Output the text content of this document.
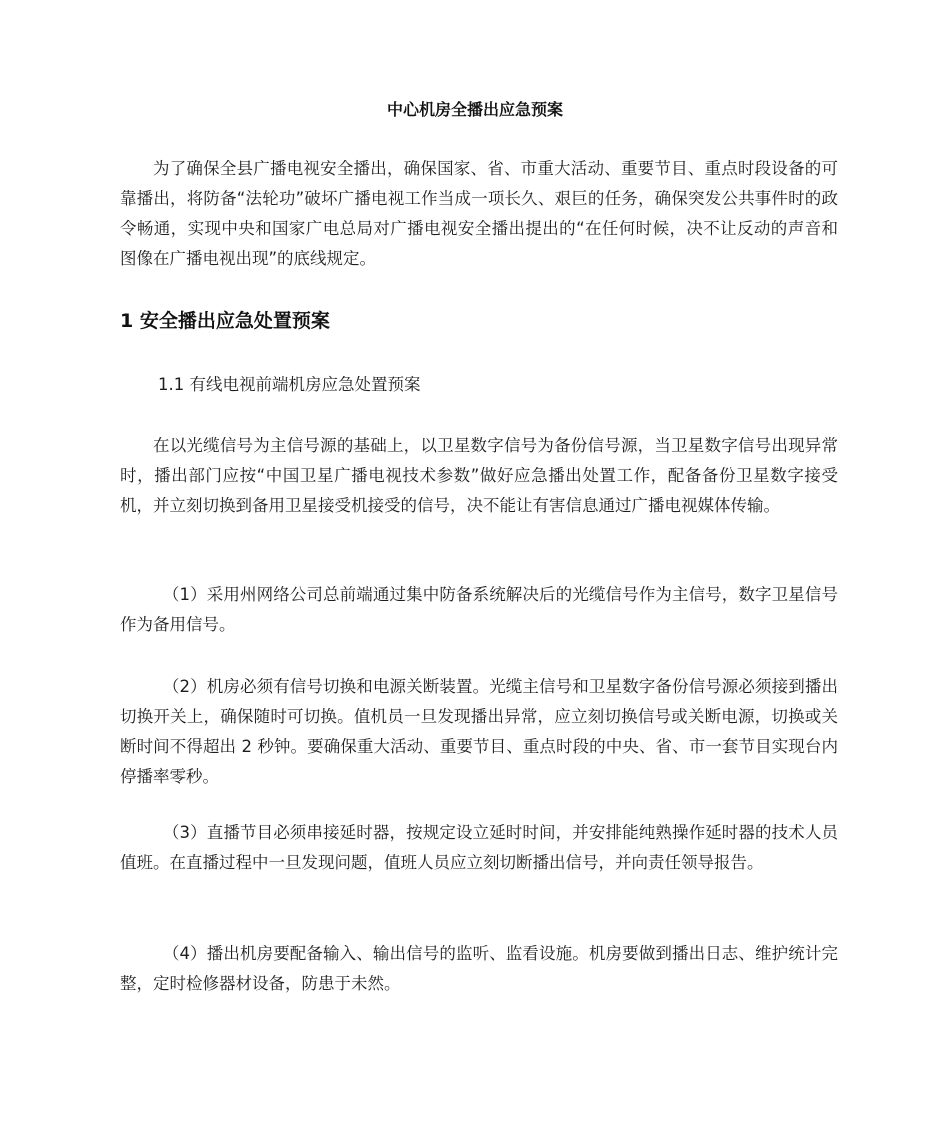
中心机房全播出应急预案

为了确保全县广播电视安全播出，确保国家、省、市重大活动、重要节目、重点时段设备的可靠播出，将防备“法轮功”破坏广播电视工作当成一项长久、艰巨的任务，确保突发公共事件时的政令畅通，实现中央和国家广电总局对广播电视安全播出提出的“在任何时候，决不让反动的声音和图像在广播电视出现”的底线规定。

1 安全播出应急处置预案
1.1 有线电视前端机房应急处置预案

在以光缆信号为主信号源的基础上，以卫星数字信号为备份信号源，当卫星数字信号出现异常时，播出部门应按“中国卫星广播电视技术参数”做好应急播出处置工作，配备备份卫星数字接受机，并立刻切换到备用卫星接受机接受的信号，决不能让有害信息通过广播电视媒体传输。

（1）采用州网络公司总前端通过集中防备系统解决后的光缆信号作为主信号，数字卫星信号作为备用信号。

（2）机房必须有信号切换和电源关断装置。光缆主信号和卫星数字备份信号源必须接到播出切换开关上，确保随时可切换。值机员一旦发现播出异常，应立刻切换信号或关断电源，切换或关断时间不得超出 2 秒钟。要确保重大活动、重要节目、重点时段的中央、省、市一套节目实现台内停播率零秒。

（3）直播节目必须串接延时器，按规定设立延时时间，并安排能纯熟操作延时器的技术人员值班。在直播过程中一旦发现问题，值班人员应立刻切断播出信号，并向责任领导报告。

（4）播出机房要配备输入、输出信号的监听、监看设施。机房要做到播出日志、维护统计完整，定时检修器材设备，防患于未然。
